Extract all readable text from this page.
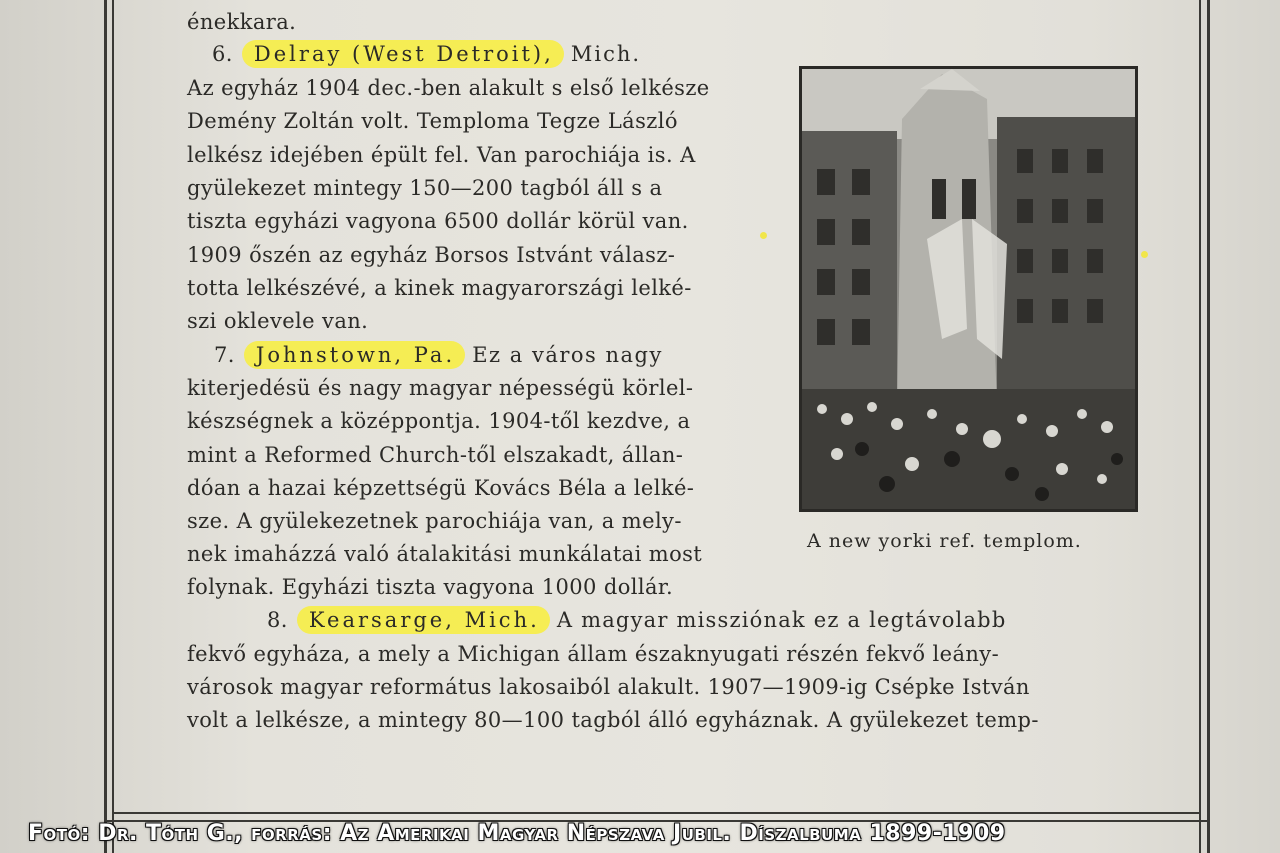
énekkara.
6. Delray (West Detroit), Mich.
Az egyház 1904 dec.-ben alakult s első lelkésze
Demény Zoltán volt. Temploma Tegze László
lelkész idejében épült fel. Van parochiája is. A
gyülekezet mintegy 150—200 tagból áll s a
tiszta egyházi vagyona 6500 dollár körül van.
1909 őszén az egyház Borsos Istvánt válasz-
totta lelkészévé, a kinek magyarországi lelké-
szi oklevele van.
7. Johnstown, Pa. Ez a város nagy
kiterjedésü és nagy magyar népességü körlel-
készségnek a középpontja. 1904-től kezdve, a
mint a Reformed Church-től elszakadt, állan-
dóan a hazai képzettségü Kovács Béla a lelké-
sze. A gyülekezetnek parochiája van, a mely-
nek imaházzá való átalakitási munkálatai most
folynak. Egyházi tiszta vagyona 1000 dollár.
8. Kearsarge, Mich. A magyar missziónak ez a legtávolabb
fekvő egyháza, a mely a Michigan állam északnyugati részén fekvő leány-
városok magyar református lakosaiból alakult. 1907—1909-ig Csépke István
volt a lelkésze, a mintegy 80—100 tagból álló egyháznak. A gyülekezet temp-
A new yorki ref. templom.
Fotó: Dr. Tóth G., forrás: Az Amerikai Magyar Népszava Jubil. Díszalbuma 1899-1909
